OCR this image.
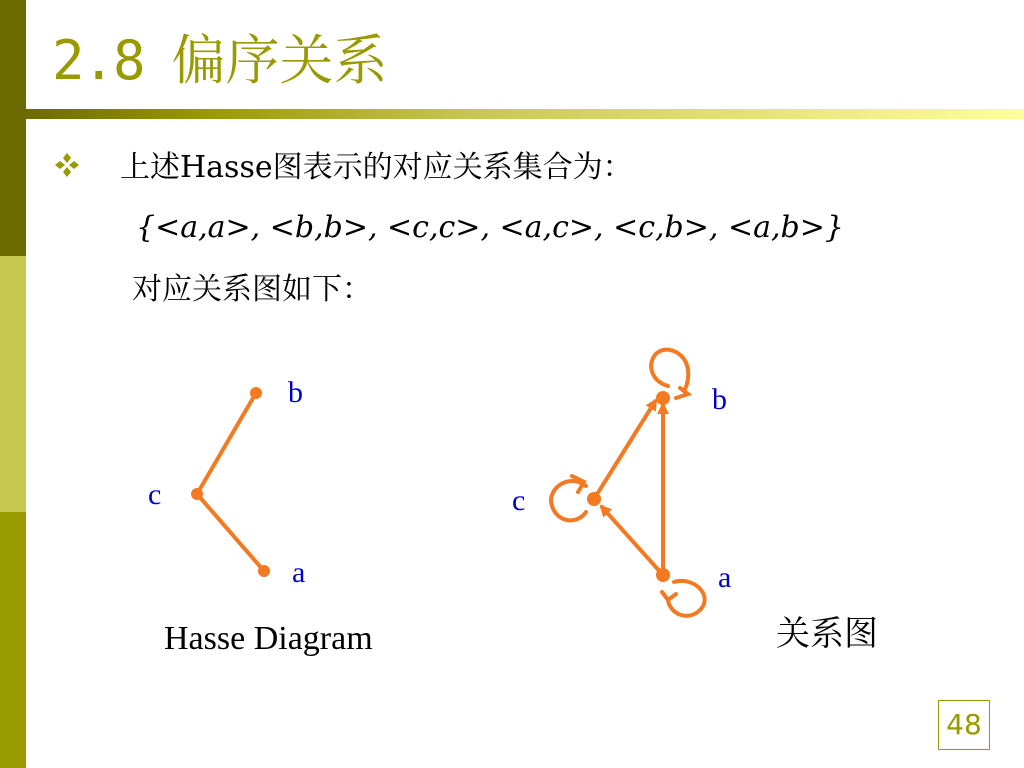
2.8 偏序关系
上述Hasse图表示的对应关系集合为：
{<a,a>, <b,b>, <c,c>, <a,c>, <c,b>, <a,b>}
对应关系图如下：
b
c
a
Hasse Diagram
b
c
a
关系图
48
